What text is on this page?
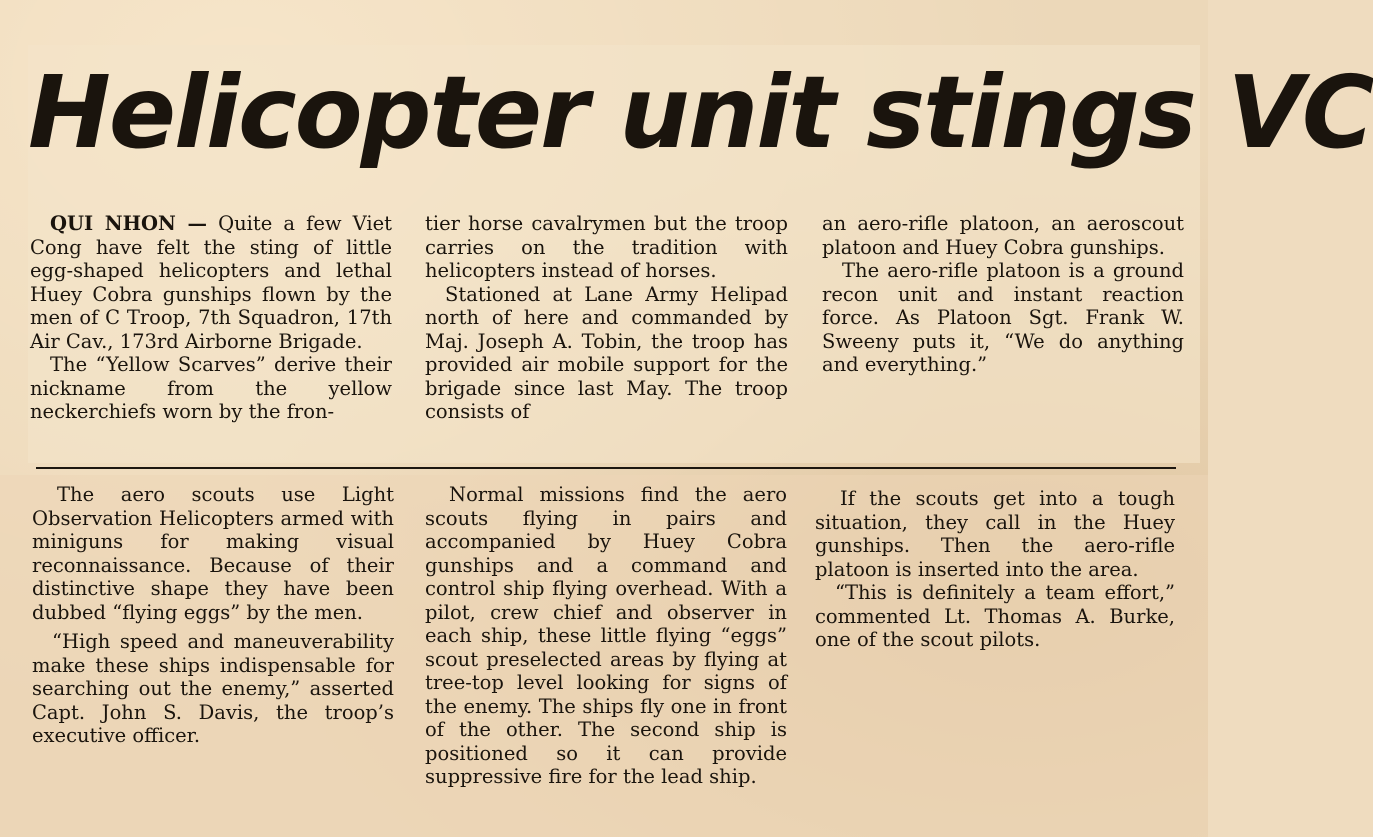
Helicopter unit stings VC

QUI NHON — Quite a few Viet Cong have felt the sting of little egg-shaped helicopters and lethal Huey Cobra gunships flown by the men of C Troop, 7th Squadron, 17th Air Cav., 173rd Airborne Brigade.

The “Yellow Scarves” derive their nickname from the yellow neckerchiefs worn by the fron-

tier horse cavalrymen but the troop carries on the tradition with helicopters instead of horses.

Stationed at Lane Army Helipad north of here and commanded by Maj. Joseph A. Tobin, the troop has provided air mobile support for the brigade since last May. The troop consists of

an aero-rifle platoon, an aeroscout platoon and Huey Cobra gunships.

The aero-rifle platoon is a ground recon unit and instant reaction force. As Platoon Sgt. Frank W. Sweeny puts it, “We do anything and everything.”

The aero scouts use Light Observation Helicopters armed with miniguns for making visual reconnaissance. Because of their distinctive shape they have been dubbed “flying eggs” by the men.

“High speed and maneuverability make these ships indispensable for searching out the enemy,” asserted Capt. John S. Davis, the troop’s executive officer.

Normal missions find the aero scouts flying in pairs and accompanied by Huey Cobra gunships and a command and control ship flying overhead. With a pilot, crew chief and observer in each ship, these little flying “eggs” scout preselected areas by flying at tree-top level looking for signs of the enemy. The ships fly one in front of the other. The second ship is positioned so it can provide suppressive fire for the lead ship.

If the scouts get into a tough situation, they call in the Huey gunships. Then the aero-rifle platoon is inserted into the area.

“This is definitely a team effort,” commented Lt. Thomas A. Burke, one of the scout pilots.
